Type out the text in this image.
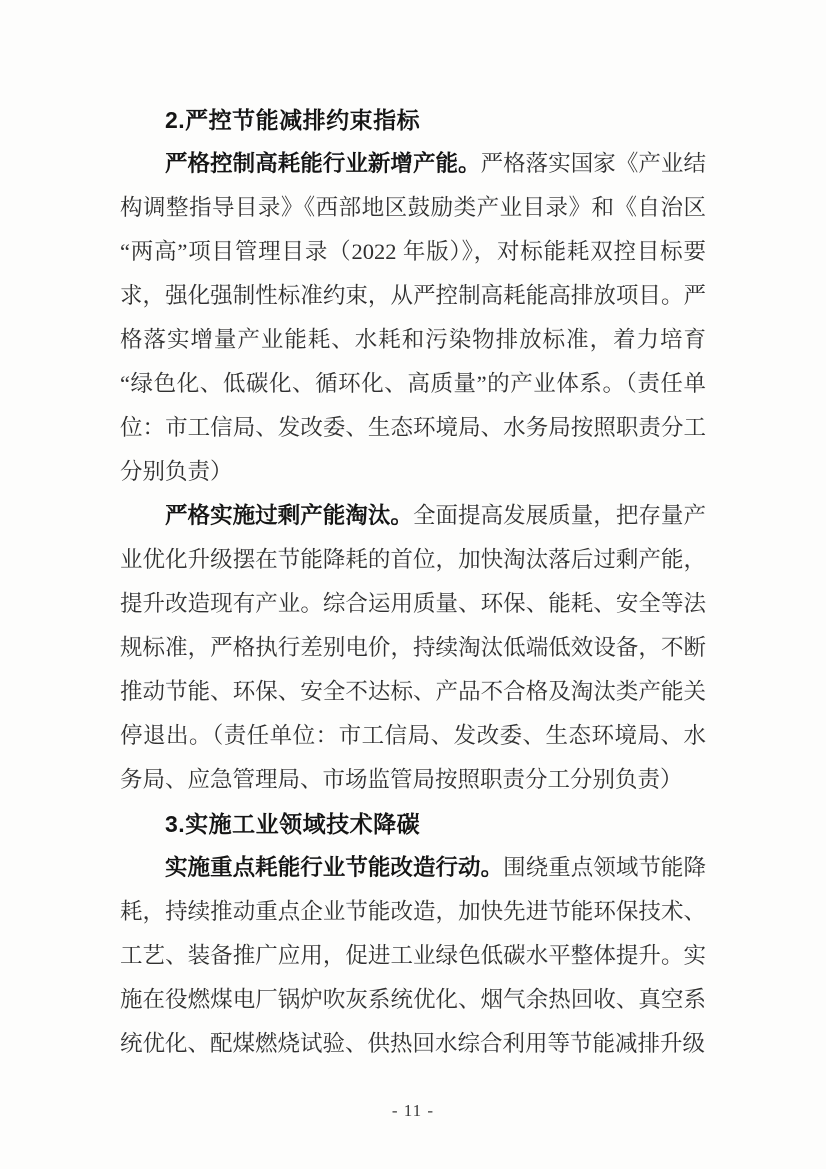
2.严控节能减排约束指标

严格控制高耗能行业新增产能。严格落实国家《产业结构调整指导目录》《西部地区鼓励类产业目录》和《自治区“两高”项目管理目录（2022 年版）》，对标能耗双控目标要求，强化强制性标准约束，从严控制高耗能高排放项目。严格落实增量产业能耗、水耗和污染物排放标准，着力培育“绿色化、低碳化、循环化、高质量”的产业体系。（责任单位：市工信局、发改委、生态环境局、水务局按照职责分工分别负责）

严格实施过剩产能淘汰。全面提高发展质量，把存量产业优化升级摆在节能降耗的首位，加快淘汰落后过剩产能，提升改造现有产业。综合运用质量、环保、能耗、安全等法规标准，严格执行差别电价，持续淘汰低端低效设备，不断推动节能、环保、安全不达标、产品不合格及淘汰类产能关停退出。（责任单位：市工信局、发改委、生态环境局、水务局、应急管理局、市场监管局按照职责分工分别负责）

3.实施工业领域技术降碳

实施重点耗能行业节能改造行动。围绕重点领域节能降耗，持续推动重点企业节能改造，加快先进节能环保技术、工艺、装备推广应用，促进工业绿色低碳水平整体提升。实施在役燃煤电厂锅炉吹灰系统优化、烟气余热回收、真空系统优化、配煤燃烧试验、供热回水综合利用等节能减排升级

- 11 -
